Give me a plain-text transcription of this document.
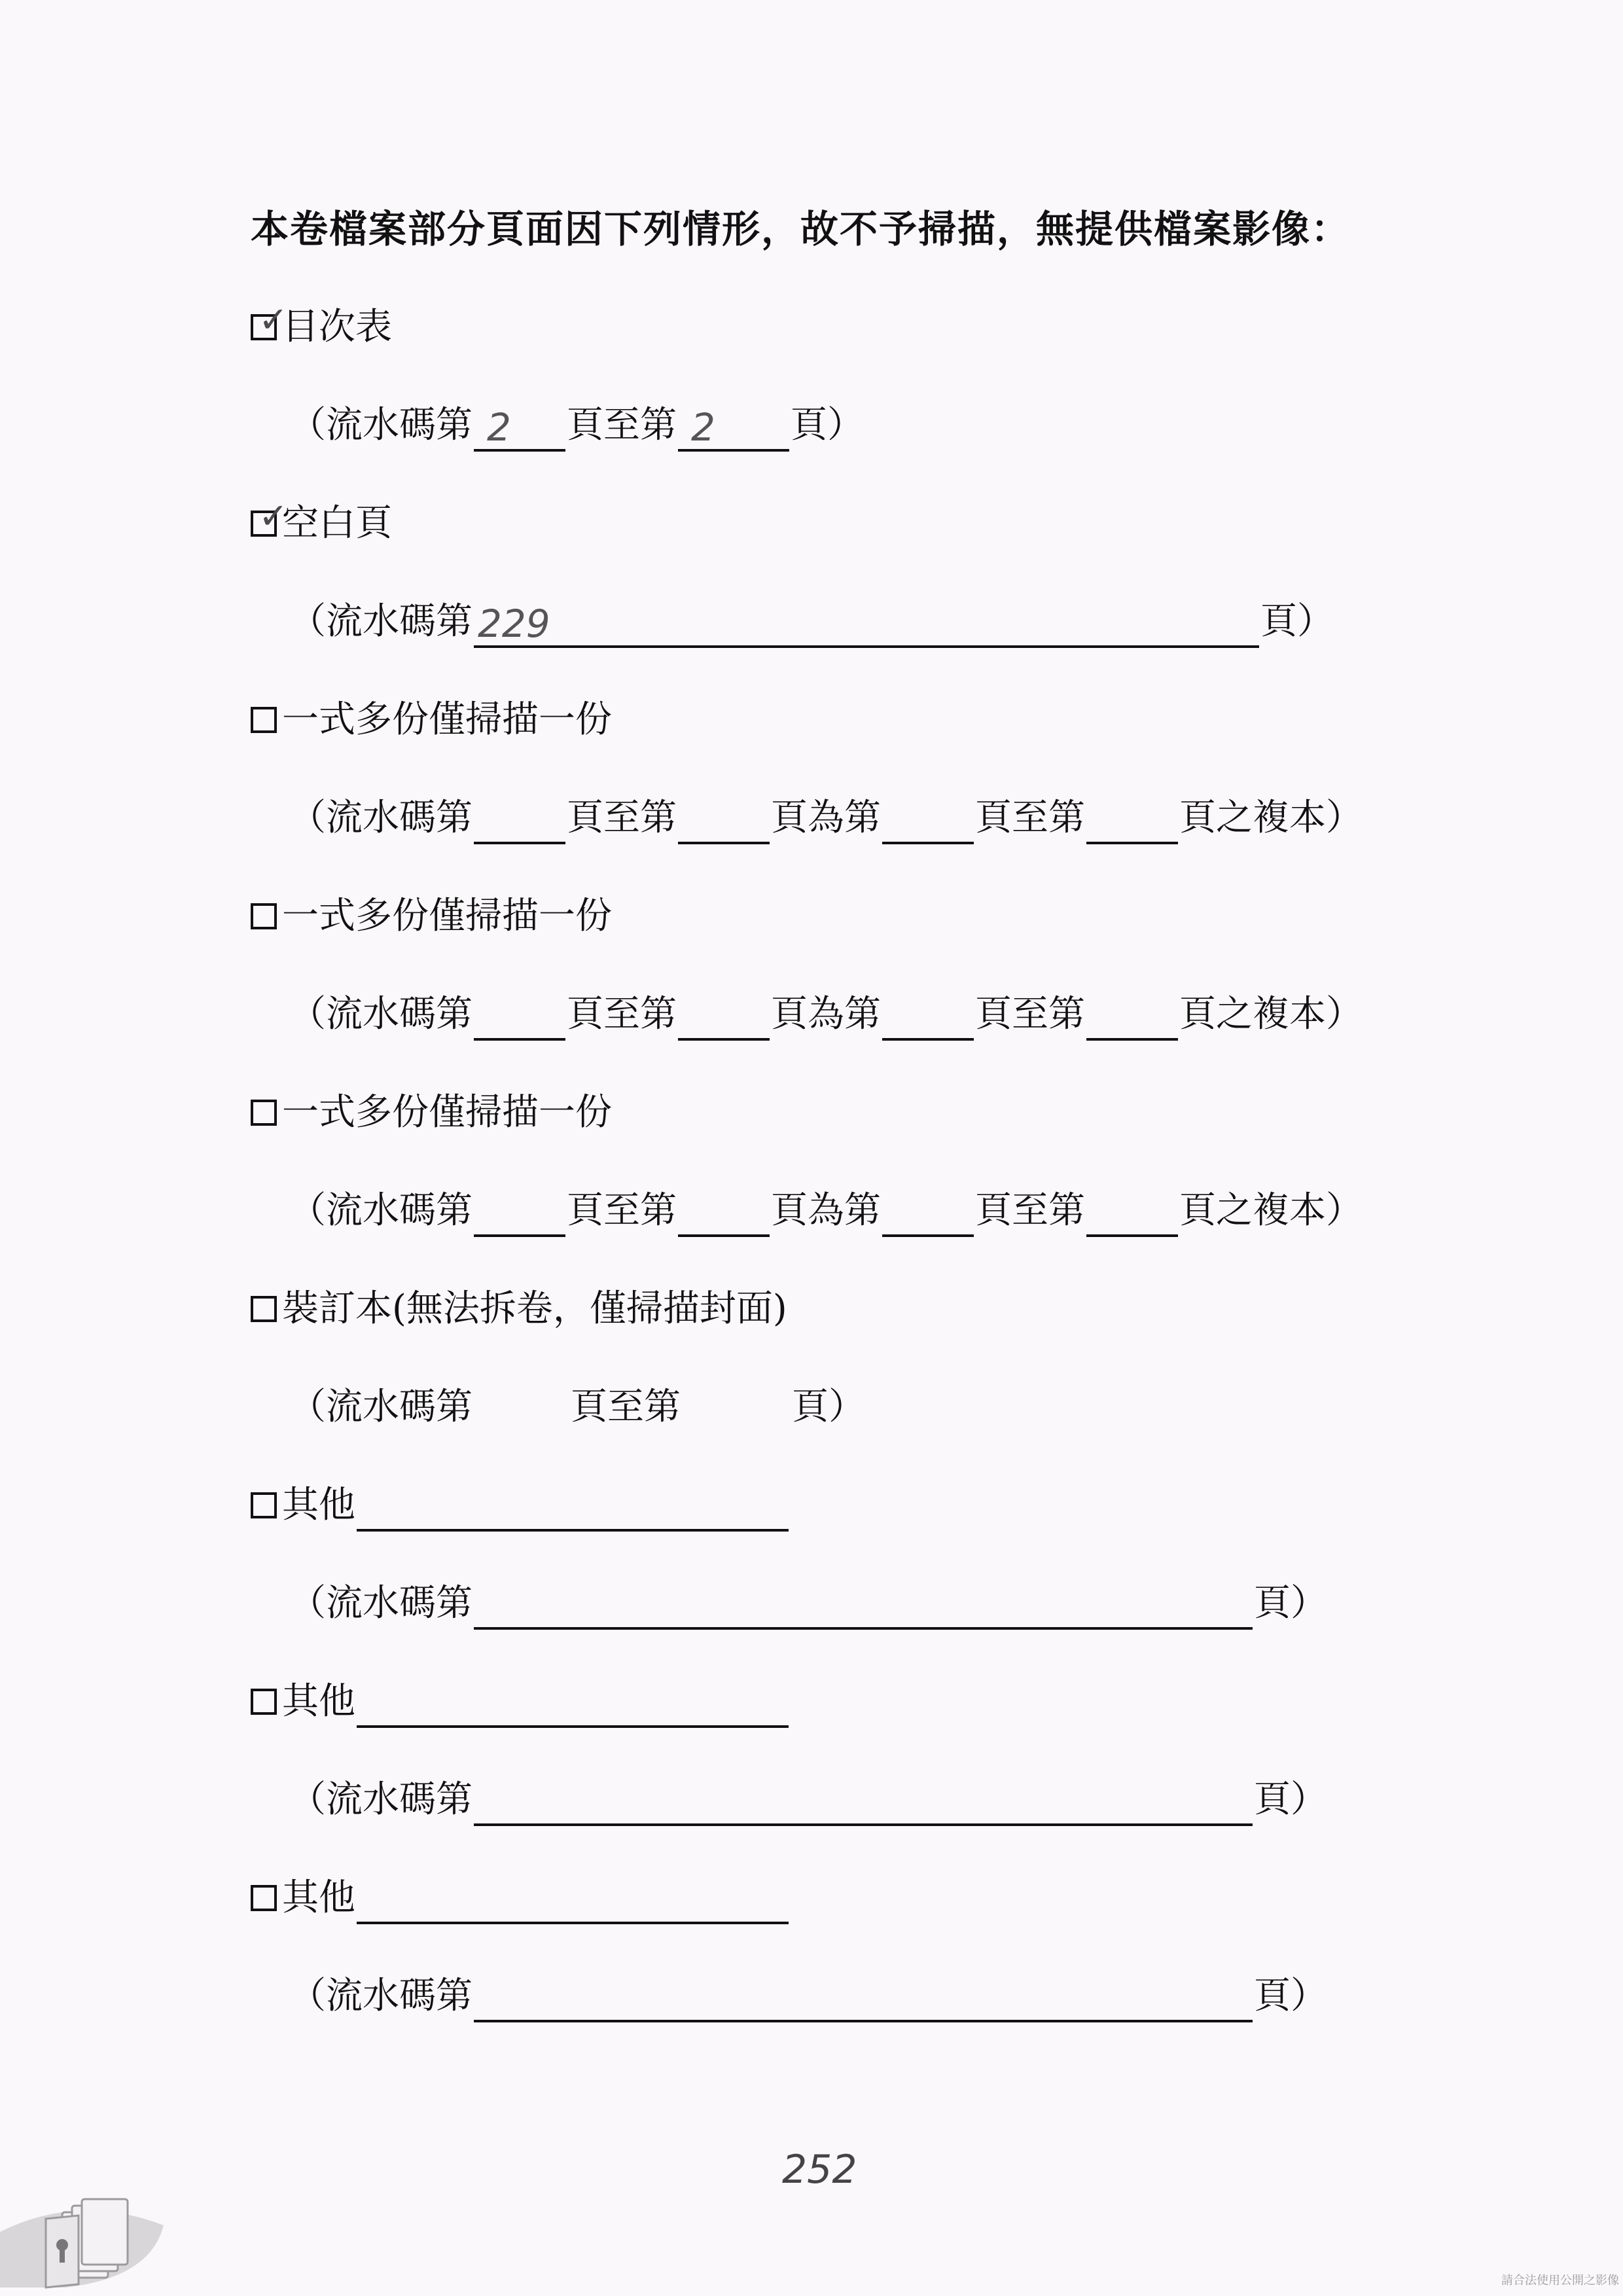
本卷檔案部分頁面因下列情形，故不予掃描，無提供檔案影像：
✓
目次表
（流水碼第 2 頁至第 2 頁）
✓
空白頁
（流水碼第 229	頁）
一式多份僅掃描一份
（流水碼第	頁至第	頁為第	頁至第	頁之複本）
一式多份僅掃描一份
（流水碼第	頁至第	頁為第	頁至第	頁之複本）
一式多份僅掃描一份
（流水碼第	頁至第	頁為第	頁至第	頁之複本）
裝訂本(無法拆卷，僅掃描封面)
（流水碼第	頁至第	頁）
其他
（流水碼第	頁）
其他
（流水碼第	頁）
其他
（流水碼第	頁）
252
請合法使用公開之影像
